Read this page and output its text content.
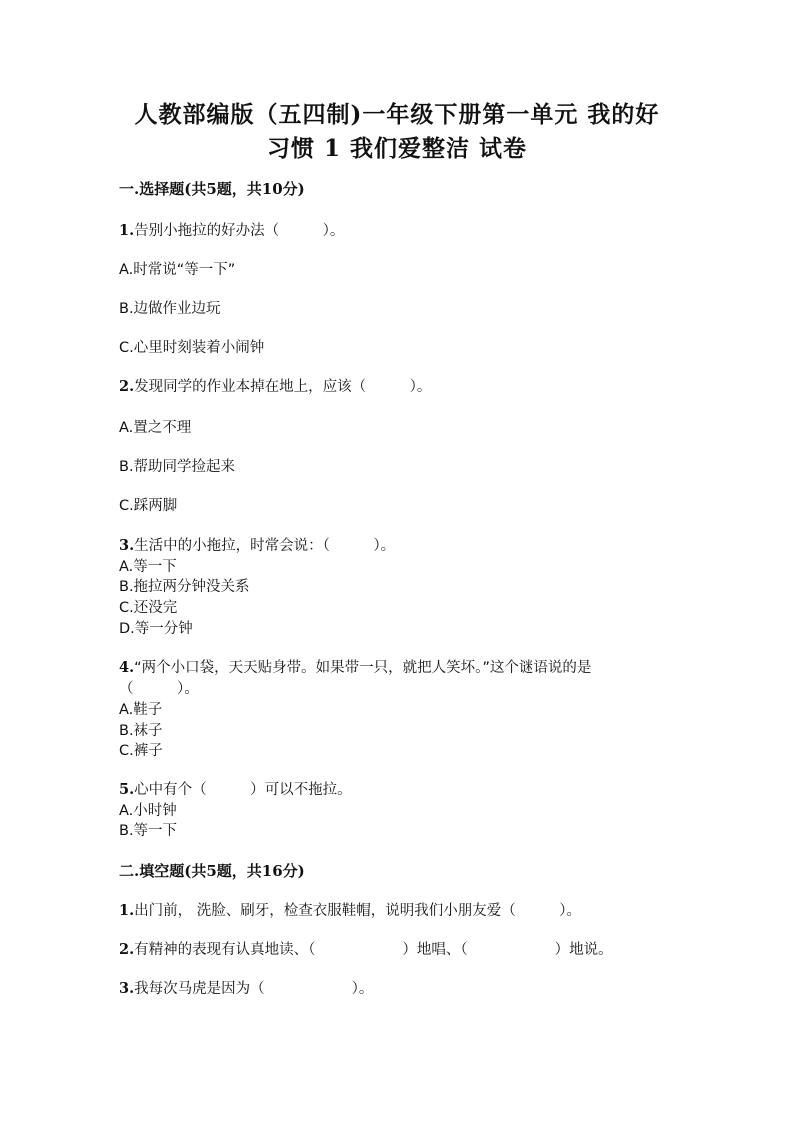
人教部编版（五四制)一年级下册第一单元 我的好
习惯 1 我们爱整洁 试卷
一.选择题(共5题，共10分)
1.告别小拖拉的好办法（　　　）。
A.时常说“等一下”
B.边做作业边玩
C.心里时刻装着小闹钟
2.发现同学的作业本掉在地上，应该（　　　）。
A.置之不理
B.帮助同学捡起来
C.踩两脚
3.生活中的小拖拉，时常会说：（　　　）。
A.等一下
B.拖拉两分钟没关系
C.还没完
D.等一分钟
4.“两个小口袋，天天贴身带。如果带一只，就把人笑坏。”这个谜语说的是
（　　　）。
A.鞋子
B.袜子
C.裤子
5.心中有个（　　　）可以不拖拉。
A.小时钟
B.等一下
二.填空题(共5题，共16分)
1.出门前， 洗脸、刷牙，检查衣服鞋帽，说明我们小朋友爱（　　　）。
2.有精神的表现有认真地读、（　　　　　　）地唱、（　　　　　　）地说。
3.我每次马虎是因为（　　　　　　）。
